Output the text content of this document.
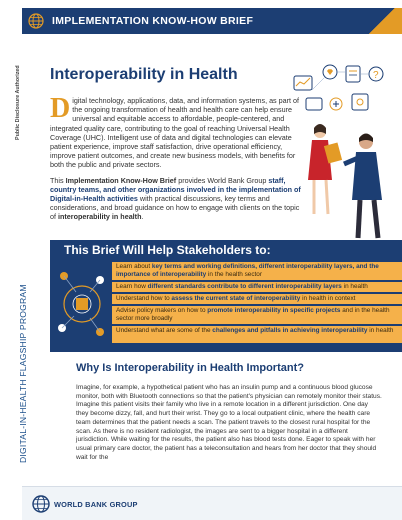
Public Disclosure Authorized
DIGITAL-IN-HEALTH FLAGSHIP PROGRAM
IMPLEMENTATION KNOW-HOW BRIEF
Interoperability in Health

Digital technology, applications, data, and information systems, as part of the ongoing transformation of health and health care can help ensure universal and equitable access to affordable, people-centered, and integrated quality care, contributing to the goal of reaching Universal Health Coverage (UHC). Intelligent use of data and digital technologies can elevate patient experience, improve staff satisfaction, drive operational efficiency, improve patient outcomes, and create new business models, with benefits for both the public and private sectors.

This Implementation Know-How Brief provides World Bank Group staff, country teams, and other organizations involved in the implementation of Digital-in-Health activities with practical discussions, key terms and considerations, and broad guidance on how to engage with clients on the topic of interoperability in health.

?
This Brief Will Help Stakeholders to:
Learn about key terms and working definitions, different interoperability layers, and the importance of interoperability in the health sector
Learn how different standards contribute to different interoperability layers in health
Understand how to assess the current state of interoperability in health in context
Advise policy makers on how to promote interoperability in specific projects and in the health sector more broadly
Understand what are some of the challenges and pitfalls in achieving interoperability in health
Why Is Interoperability in Health Important?
Imagine, for example, a hypothetical patient who has an insulin pump and a continuous blood glucose monitor, both with Bluetooth connections so that the patient's physician can remotely monitor their status. Imagine this patient visits their family who live in a remote location in a different jurisdiction. One day they become dizzy, fall, and hurt their wrist. They go to a local outpatient clinic, where the health care team determines that the patient needs a scan. The patient travels to the closest rural hospital for the scan. As there is no resident radiologist, the images are sent to a bigger hospital in a different jurisdiction. While waiting for the results, the patient also has blood tests done. Eager to speak with her usual primary care doctor, the patient has a teleconsultation and hears from her doctor that they should wait for the
WORLD BANK GROUP
